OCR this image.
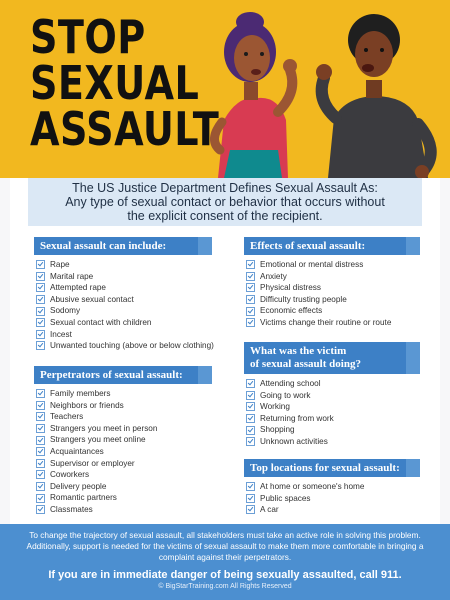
STOP
SEXUAL
ASSAULT
The US Justice Department Defines Sexual Assault As:
Any type of sexual contact or behavior that occurs without
the explicit consent of the recipient.
Sexual assault can include:
Rape
Marital rape
Attempted rape
Abusive sexual contact
Sodomy
Sexual contact with children
Incest
Unwanted touching (above or below clothing)
Perpetrators of sexual assault:
Family members
Neighbors or friends
Teachers
Strangers you meet in person
Strangers you meet online
Acquaintances
Supervisor or employer
Coworkers
Delivery people
Romantic partners
Classmates
Effects of sexual assault:
Emotional or mental distress
Anxiety
Physical distress
Difficulty trusting people
Economic effects
Victims change their routine or route
What was the victim
of sexual assault doing?
Attending school
Going to work
Working
Returning from work
Shopping
Unknown activities
Top locations for sexual assault:
At home or someone's home
Public spaces
A car
To change the trajectory of sexual assault, all stakeholders must take an active role in solving this problem. Additionally, support is needed for the victims of sexual assault to make them more comfortable in bringing a complaint against their perpetrators.
If you are in immediate danger of being sexually assaulted, call 911.
© BigStarTraining.com All Rights Reserved
